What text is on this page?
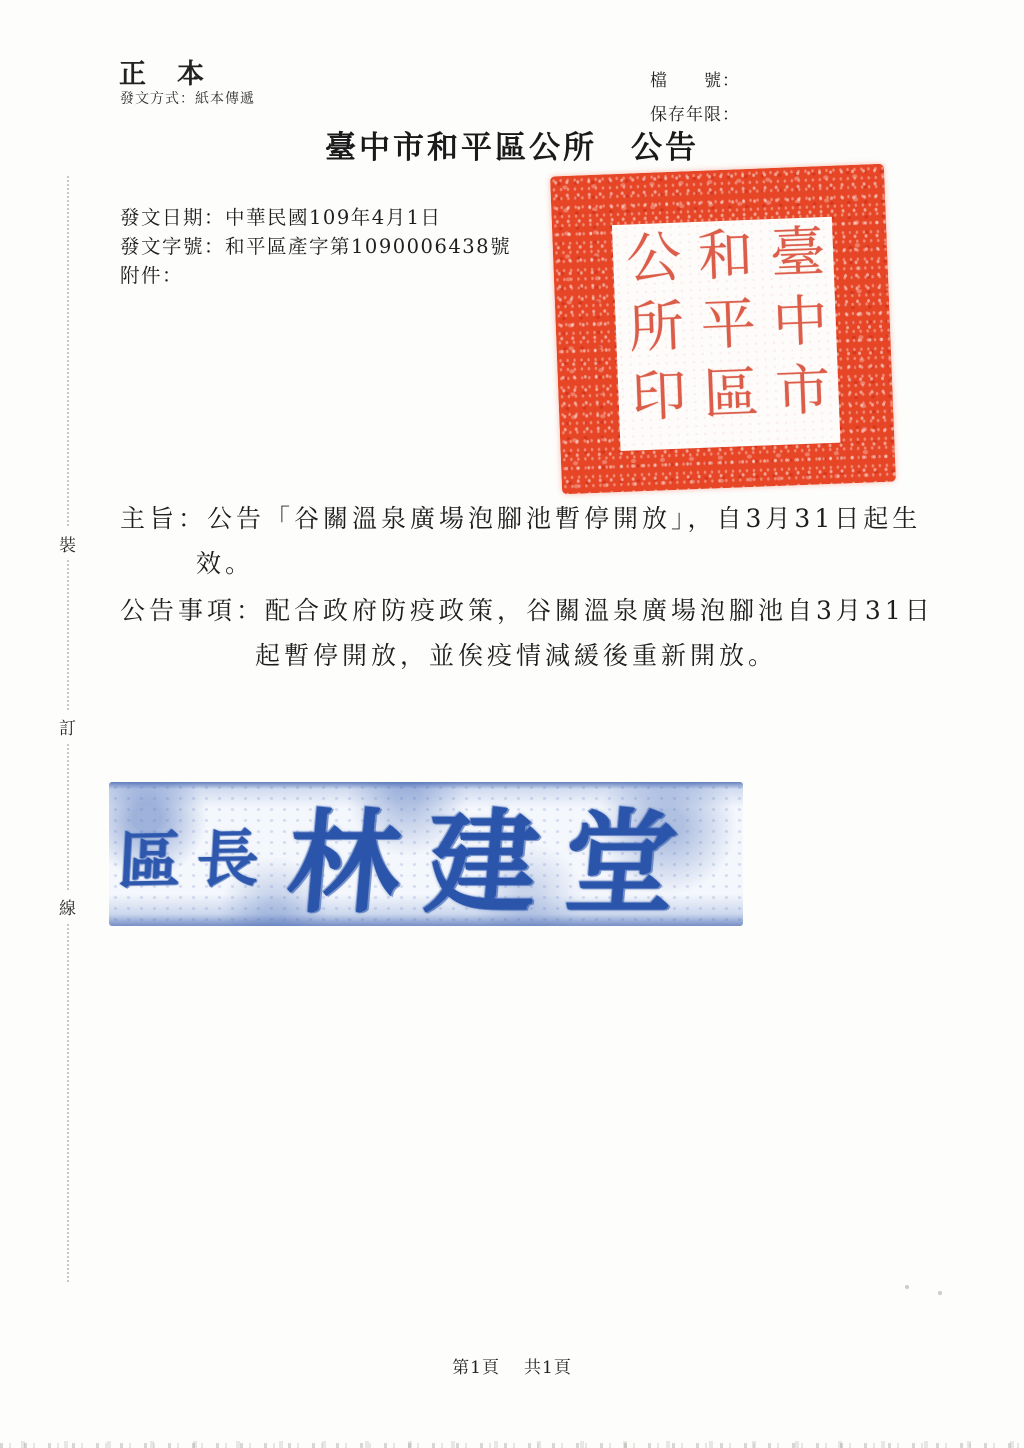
正　本
發文方式：紙本傳遞
檔　　號：
保存年限：
臺中市和平區公所　公告
發文日期：中華民國109年4月1日
發文字號：和平區產字第1090006438號
附件：	臺中市和平區公所印
主旨：公告「谷關溫泉廣場泡腳池暫停開放」，自3月31日起生
效。
公告事項：配合政府防疫政策，谷關溫泉廣場泡腳池自3月31日
起暫停開放，並俟疫情減緩後重新開放。
區長 林建堂
裝
訂
線
第1頁 共1頁
